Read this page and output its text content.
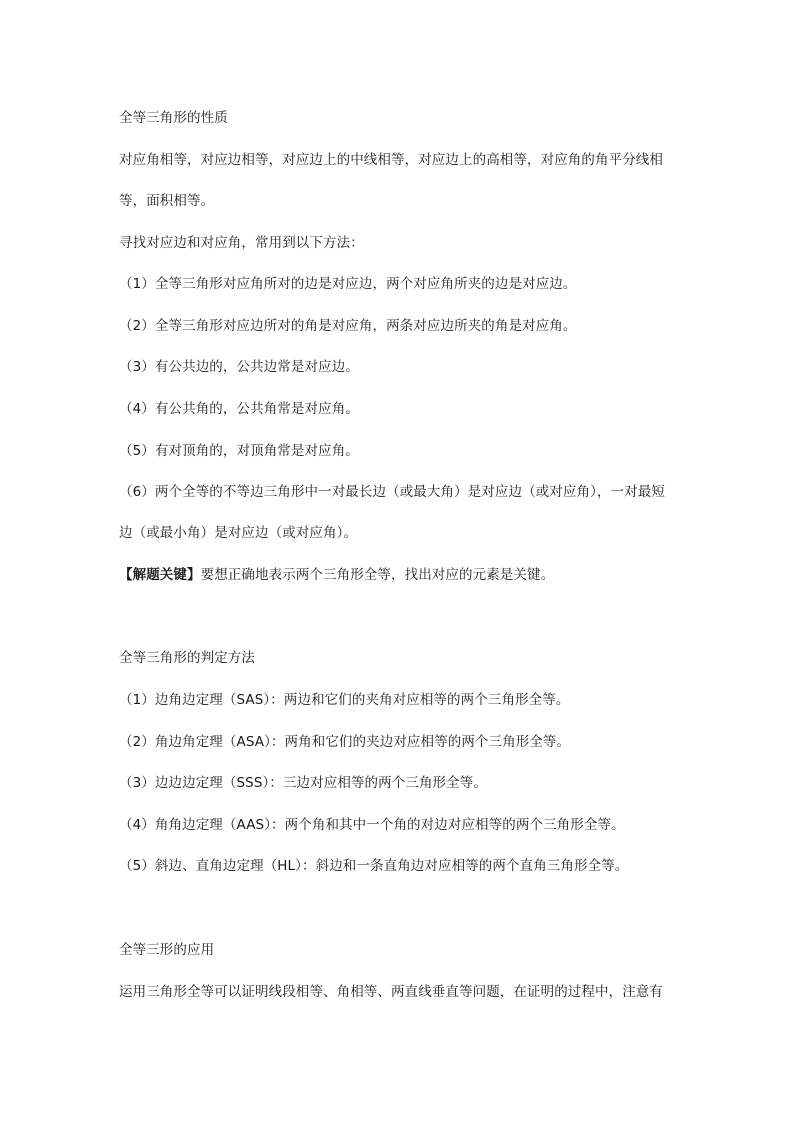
全等三角形的性质
对应角相等，对应边相等，对应边上的中线相等，对应边上的高相等，对应角的角平分线相
等，面积相等。
寻找对应边和对应角，常用到以下方法：
（1）全等三角形对应角所对的边是对应边，两个对应角所夹的边是对应边。
（2）全等三角形对应边所对的角是对应角，两条对应边所夹的角是对应角。
（3）有公共边的，公共边常是对应边。
（4）有公共角的，公共角常是对应角。
（5）有对顶角的，对顶角常是对应角。
（6）两个全等的不等边三角形中一对最长边（或最大角）是对应边（或对应角），一对最短
边（或最小角）是对应边（或对应角）。
【解题关键】要想正确地表示两个三角形全等，找出对应的元素是关键。
全等三角形的判定方法
（1）边角边定理（SAS）：两边和它们的夹角对应相等的两个三角形全等。
（2）角边角定理（ASA）：两角和它们的夹边对应相等的两个三角形全等。
（3）边边边定理（SSS）：三边对应相等的两个三角形全等。
（4）角角边定理（AAS）：两个角和其中一个角的对边对应相等的两个三角形全等。
（5）斜边、直角边定理（HL）：斜边和一条直角边对应相等的两个直角三角形全等。
全等三形的应用
运用三角形全等可以证明线段相等、角相等、两直线垂直等问题，在证明的过程中，注意有
